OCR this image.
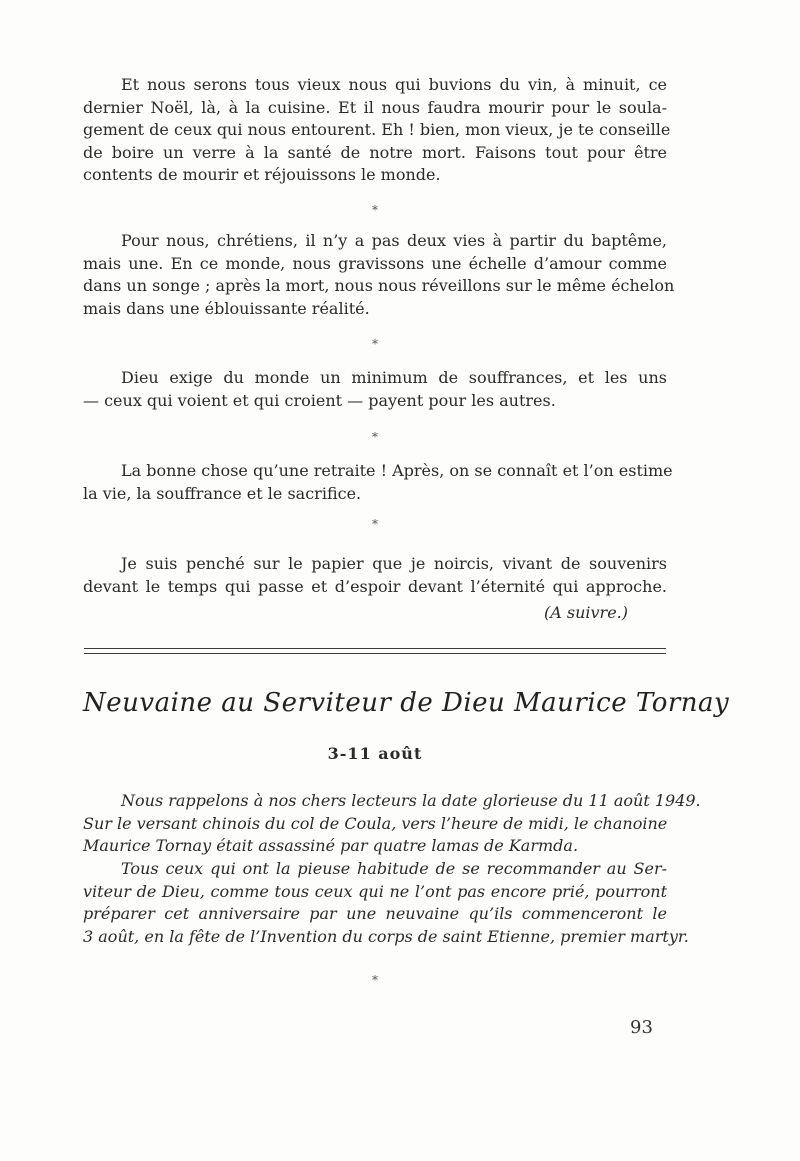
Et nous serons tous vieux nous qui buvions du vin, à minuit, ce
dernier Noël, là, à la cuisine. Et il nous faudra mourir pour le soula-
gement de ceux qui nous entourent. Eh ! bien, mon vieux, je te conseille
de boire un verre à la santé de notre mort. Faisons tout pour être
contents de mourir et réjouissons le monde.
*
Pour nous, chrétiens, il n’y a pas deux vies à partir du baptême,
mais une. En ce monde, nous gravissons une échelle d’amour comme
dans un songe ; après la mort, nous nous réveillons sur le même échelon
mais dans une éblouissante réalité.
*
Dieu exige du monde un minimum de souffrances, et les uns
— ceux qui voient et qui croient — payent pour les autres.
*
La bonne chose qu’une retraite ! Après, on se connaît et l’on estime
la vie, la souffrance et le sacrifice.
*
Je suis penché sur le papier que je noircis, vivant de souvenirs
devant le temps qui passe et d’espoir devant l’éternité qui approche.
(A suivre.)
Neuvaine au Serviteur de Dieu Maurice Tornay
3-11 août
Nous rappelons à nos chers lecteurs la date glorieuse du 11 août 1949.
Sur le versant chinois du col de Coula, vers l’heure de midi, le chanoine
Maurice Tornay était assassiné par quatre lamas de Karmda.
Tous ceux qui ont la pieuse habitude de se recommander au Ser-
viteur de Dieu, comme tous ceux qui ne l’ont pas encore prié, pourront
préparer cet anniversaire par une neuvaine qu’ils commenceront le
3 août, en la fête de l’Invention du corps de saint Etienne, premier martyr.
*
93
